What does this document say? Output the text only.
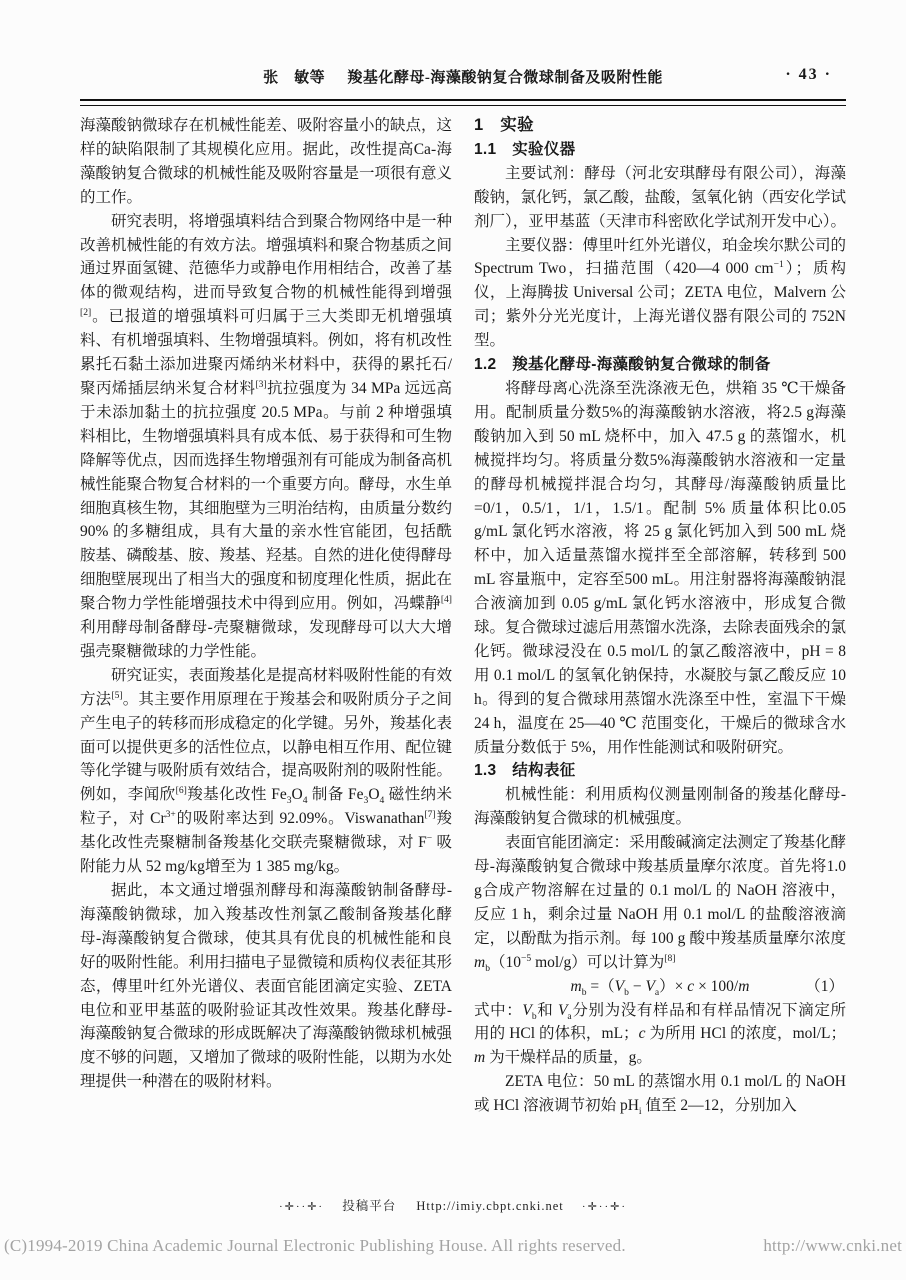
张　敏等 羧基化酵母-海藻酸钠复合微球制备及吸附性能	· 43 ·

海藻酸钠微球存在机械性能差、吸附容量小的缺点，这样的缺陷限制了其规模化应用。据此，改性提高Ca-海藻酸钠复合微球的机械性能及吸附容量是一项很有意义的工作。

研究表明，将增强填料结合到聚合物网络中是一种改善机械性能的有效方法。增强填料和聚合物基质之间通过界面氢键、范德华力或静电作用相结合，改善了基体的微观结构，进而导致复合物的机械性能得到增强[2]。已报道的增强填料可归属于三大类即无机增强填料、有机增强填料、生物增强填料。例如，将有机改性累托石黏土添加进聚丙烯纳米材料中，获得的累托石/聚丙烯插层纳米复合材料[3]抗拉强度为 34 MPa 远远高于未添加黏土的抗拉强度 20.5 MPa。与前 2 种增强填料相比，生物增强填料具有成本低、易于获得和可生物降解等优点，因而选择生物增强剂有可能成为制备高机械性能聚合物复合材料的一个重要方向。酵母，水生单细胞真核生物，其细胞壁为三明治结构，由质量分数约 90% 的多糖组成，具有大量的亲水性官能团，包括酰胺基、磷酸基、胺、羧基、羟基。自然的进化使得酵母细胞壁展现出了相当大的强度和韧度理化性质，据此在聚合物力学性能增强技术中得到应用。例如，冯蝶静[4]利用酵母制备酵母-壳聚糖微球，发现酵母可以大大增强壳聚糖微球的力学性能。

研究证实，表面羧基化是提高材料吸附性能的有效方法[5]。其主要作用原理在于羧基会和吸附质分子之间产生电子的转移而形成稳定的化学键。另外，羧基化表面可以提供更多的活性位点，以静电相互作用、配位键等化学键与吸附质有效结合，提高吸附剂的吸附性能。例如，李闻欣[6]羧基化改性 $Fe_3O_4$ 制备 $Fe_3O_4$ 磁性纳米粒子，对 $Cr^{3+}$的吸附率达到 92.09%。Viswanathan[7]羧基化改性壳聚糖制备羧基化交联壳聚糖微球，对 F− 吸附能力从 52 mg/kg增至为 1 385 mg/kg。

据此，本文通过增强剂酵母和海藻酸钠制备酵母-海藻酸钠微球，加入羧基改性剂氯乙酸制备羧基化酵母-海藻酸钠复合微球，使其具有优良的机械性能和良好的吸附性能。利用扫描电子显微镜和质构仪表征其形态，傅里叶红外光谱仪、表面官能团滴定实验、ZETA 电位和亚甲基蓝的吸附验证其改性效果。羧基化酵母-海藻酸钠复合微球的形成既解决了海藻酸钠微球机械强度不够的问题，又增加了微球的吸附性能，以期为水处理提供一种潜在的吸附材料。

1　实验
1.1　实验仪器

主要试剂：酵母（河北安琪酵母有限公司），海藻酸钠，氯化钙，氯乙酸，盐酸，氢氧化钠（西安化学试剂厂），亚甲基蓝（天津市科密欧化学试剂开发中心）。

主要仪器：傅里叶红外光谱仪，珀金埃尔默公司的 Spectrum Two，扫描范围（420—4 000 $cm^{-1}$）；质构仪，上海腾拔 Universal 公司；ZETA 电位，Malvern 公司；紫外分光光度计，上海光谱仪器有限公司的 752N 型。

1.2　羧基化酵母-海藻酸钠复合微球的制备

将酵母离心洗涤至洗涤液无色，烘箱 35 ℃干燥备用。配制质量分数5%的海藻酸钠水溶液，将2.5 g海藻酸钠加入到 50 mL 烧杯中，加入 47.5 g 的蒸馏水，机械搅拌均匀。将质量分数5%海藻酸钠水溶液和一定量的酵母机械搅拌混合均匀，其酵母/海藻酸钠质量比 =0/1，0.5/1，1/1，1.5/1。配制 5% 质量体积比0.05 g/mL 氯化钙水溶液，将 25 g 氯化钙加入到 500 mL 烧杯中，加入适量蒸馏水搅拌至全部溶解，转移到 500 mL 容量瓶中，定容至500 mL。用注射器将海藻酸钠混合液滴加到 0.05 g/mL 氯化钙水溶液中，形成复合微球。复合微球过滤后用蒸馏水洗涤，去除表面残余的氯化钙。微球浸没在 0.5 mol/L 的氯乙酸溶液中，pH = 8 用 0.1 mol/L 的氢氧化钠保持，水凝胶与氯乙酸反应 10 h。得到的复合微球用蒸馏水洗涤至中性，室温下干燥 24 h，温度在 25—40 ℃ 范围变化，干燥后的微球含水质量分数低于 5%，用作性能测试和吸附研究。

1.3　结构表征

机械性能：利用质构仪测量刚制备的羧基化酵母-海藻酸钠复合微球的机械强度。

表面官能团滴定：采用酸碱滴定法测定了羧基化酵母-海藻酸钠复合微球中羧基质量摩尔浓度。首先将1.0 g合成产物溶解在过量的 0.1 mol/L 的 NaOH 溶液中，反应 1 h，剩余过量 NaOH 用 0.1 mol/L 的盐酸溶液滴定，以酚酞为指示剂。每 100 g 酸中羧基质量摩尔浓度 $m_b(10^{-5}$ mol/g）可以计算为[8]

$m_b =(V_b - V_a)\times c \times 100/m$	（1）

式中：$V_b$和 $V_a$分别为没有样品和有样品情况下滴定所用的 HCl 的体积，mL；c 为所用 HCl 的浓度，mol/L；m 为干燥样品的质量，g。

ZETA 电位：50 mL 的蒸馏水用 0.1 mol/L 的 NaOH 或 HCl 溶液调节初始 $pH_i$ 值至 2—12，分别加入

·✛··✛· 投稿平台 Http://imiy.cbpt.cnki.net ·✛··✛·
(C)1994-2019 China Academic Journal Electronic Publishing House. All rights reserved.	http://www.cnki.net
